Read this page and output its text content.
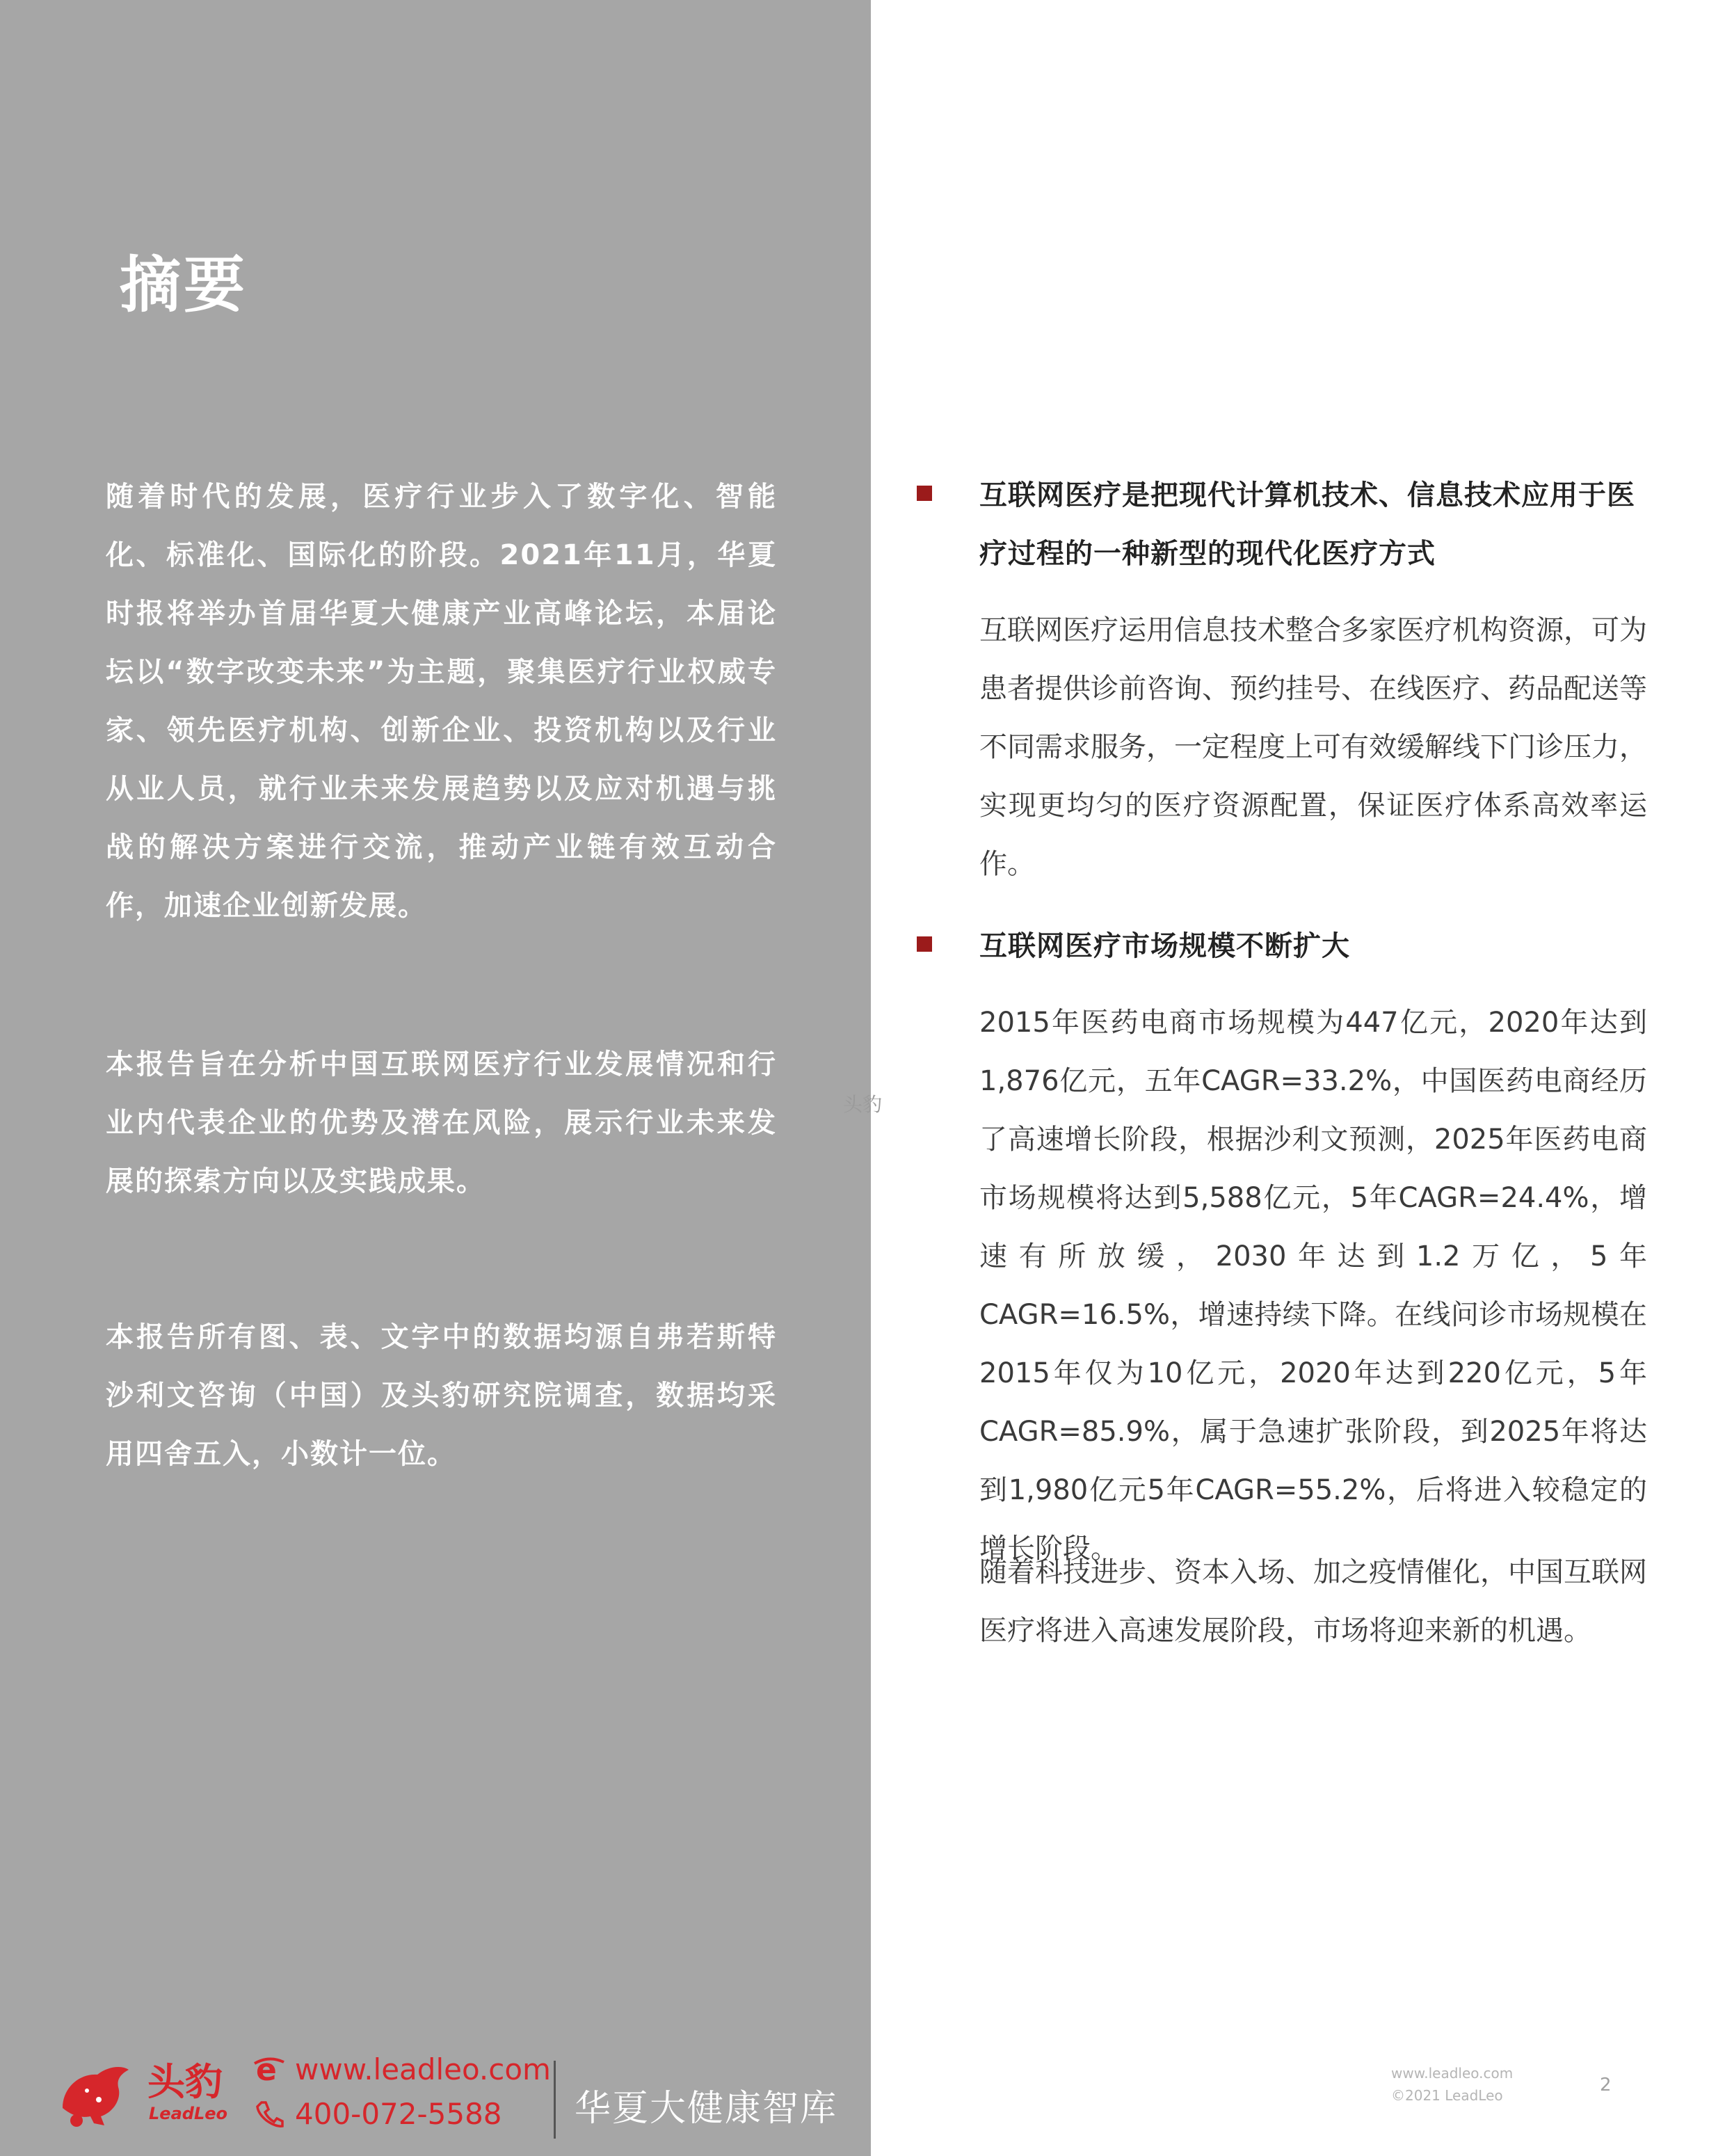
摘要

随着时代的发展，医疗行业步入了数字化、智能化、标准化、国际化的阶段。2021年11月，华夏时报将举办首届华夏大健康产业高峰论坛，本届论坛以“数字改变未来”为主题，聚集医疗行业权威专家、领先医疗机构、创新企业、投资机构以及行业从业人员，就行业未来发展趋势以及应对机遇与挑战的解决方案进行交流，推动产业链有效互动合作，加速企业创新发展。

本报告旨在分析中国互联网医疗行业发展情况和行业内代表企业的优势及潜在风险，展示行业未来发展的探索方向以及实践成果。

本报告所有图、表、文字中的数据均源自弗若斯特沙利文咨询（中国）及头豹研究院调查，数据均采用四舍五入，小数计一位。

互联网医疗是把现代计算机技术、信息技术应用于医疗过程的一种新型的现代化医疗方式

互联网医疗运用信息技术整合多家医疗机构资源，可为患者提供诊前咨询、预约挂号、在线医疗、药品配送等不同需求服务，一定程度上可有效缓解线下门诊压力，实现更均匀的医疗资源配置，保证医疗体系高效率运作。

互联网医疗市场规模不断扩大

2015年医药电商市场规模为447亿元，2020年达到1,876亿元，五年CAGR=33.2%，中国医药电商经历了高速增长阶段，根据沙利文预测，2025年医药电商市场规模将达到5,588亿元，5年CAGR=24.4%，增速有所放缓，2030年达到1.2万亿，5年CAGR=16.5%，增速持续下降。在线问诊市场规模在2015年仅为10亿元，2020年达到220亿元，5年CAGR=85.9%，属于急速扩张阶段，到2025年将达到1,980亿元5年CAGR=55.2%，后将进入较稳定的增长阶段。

随着科技进步、资本入场、加之疫情催化，中国互联网医疗将进入高速发展阶段，市场将迎来新的机遇。

头豹
头豹
LeadLeo
e www.leadleo.com
400-072-5588 华夏大健康智库
www.leadleo.com
©2021 LeadLeo	2
